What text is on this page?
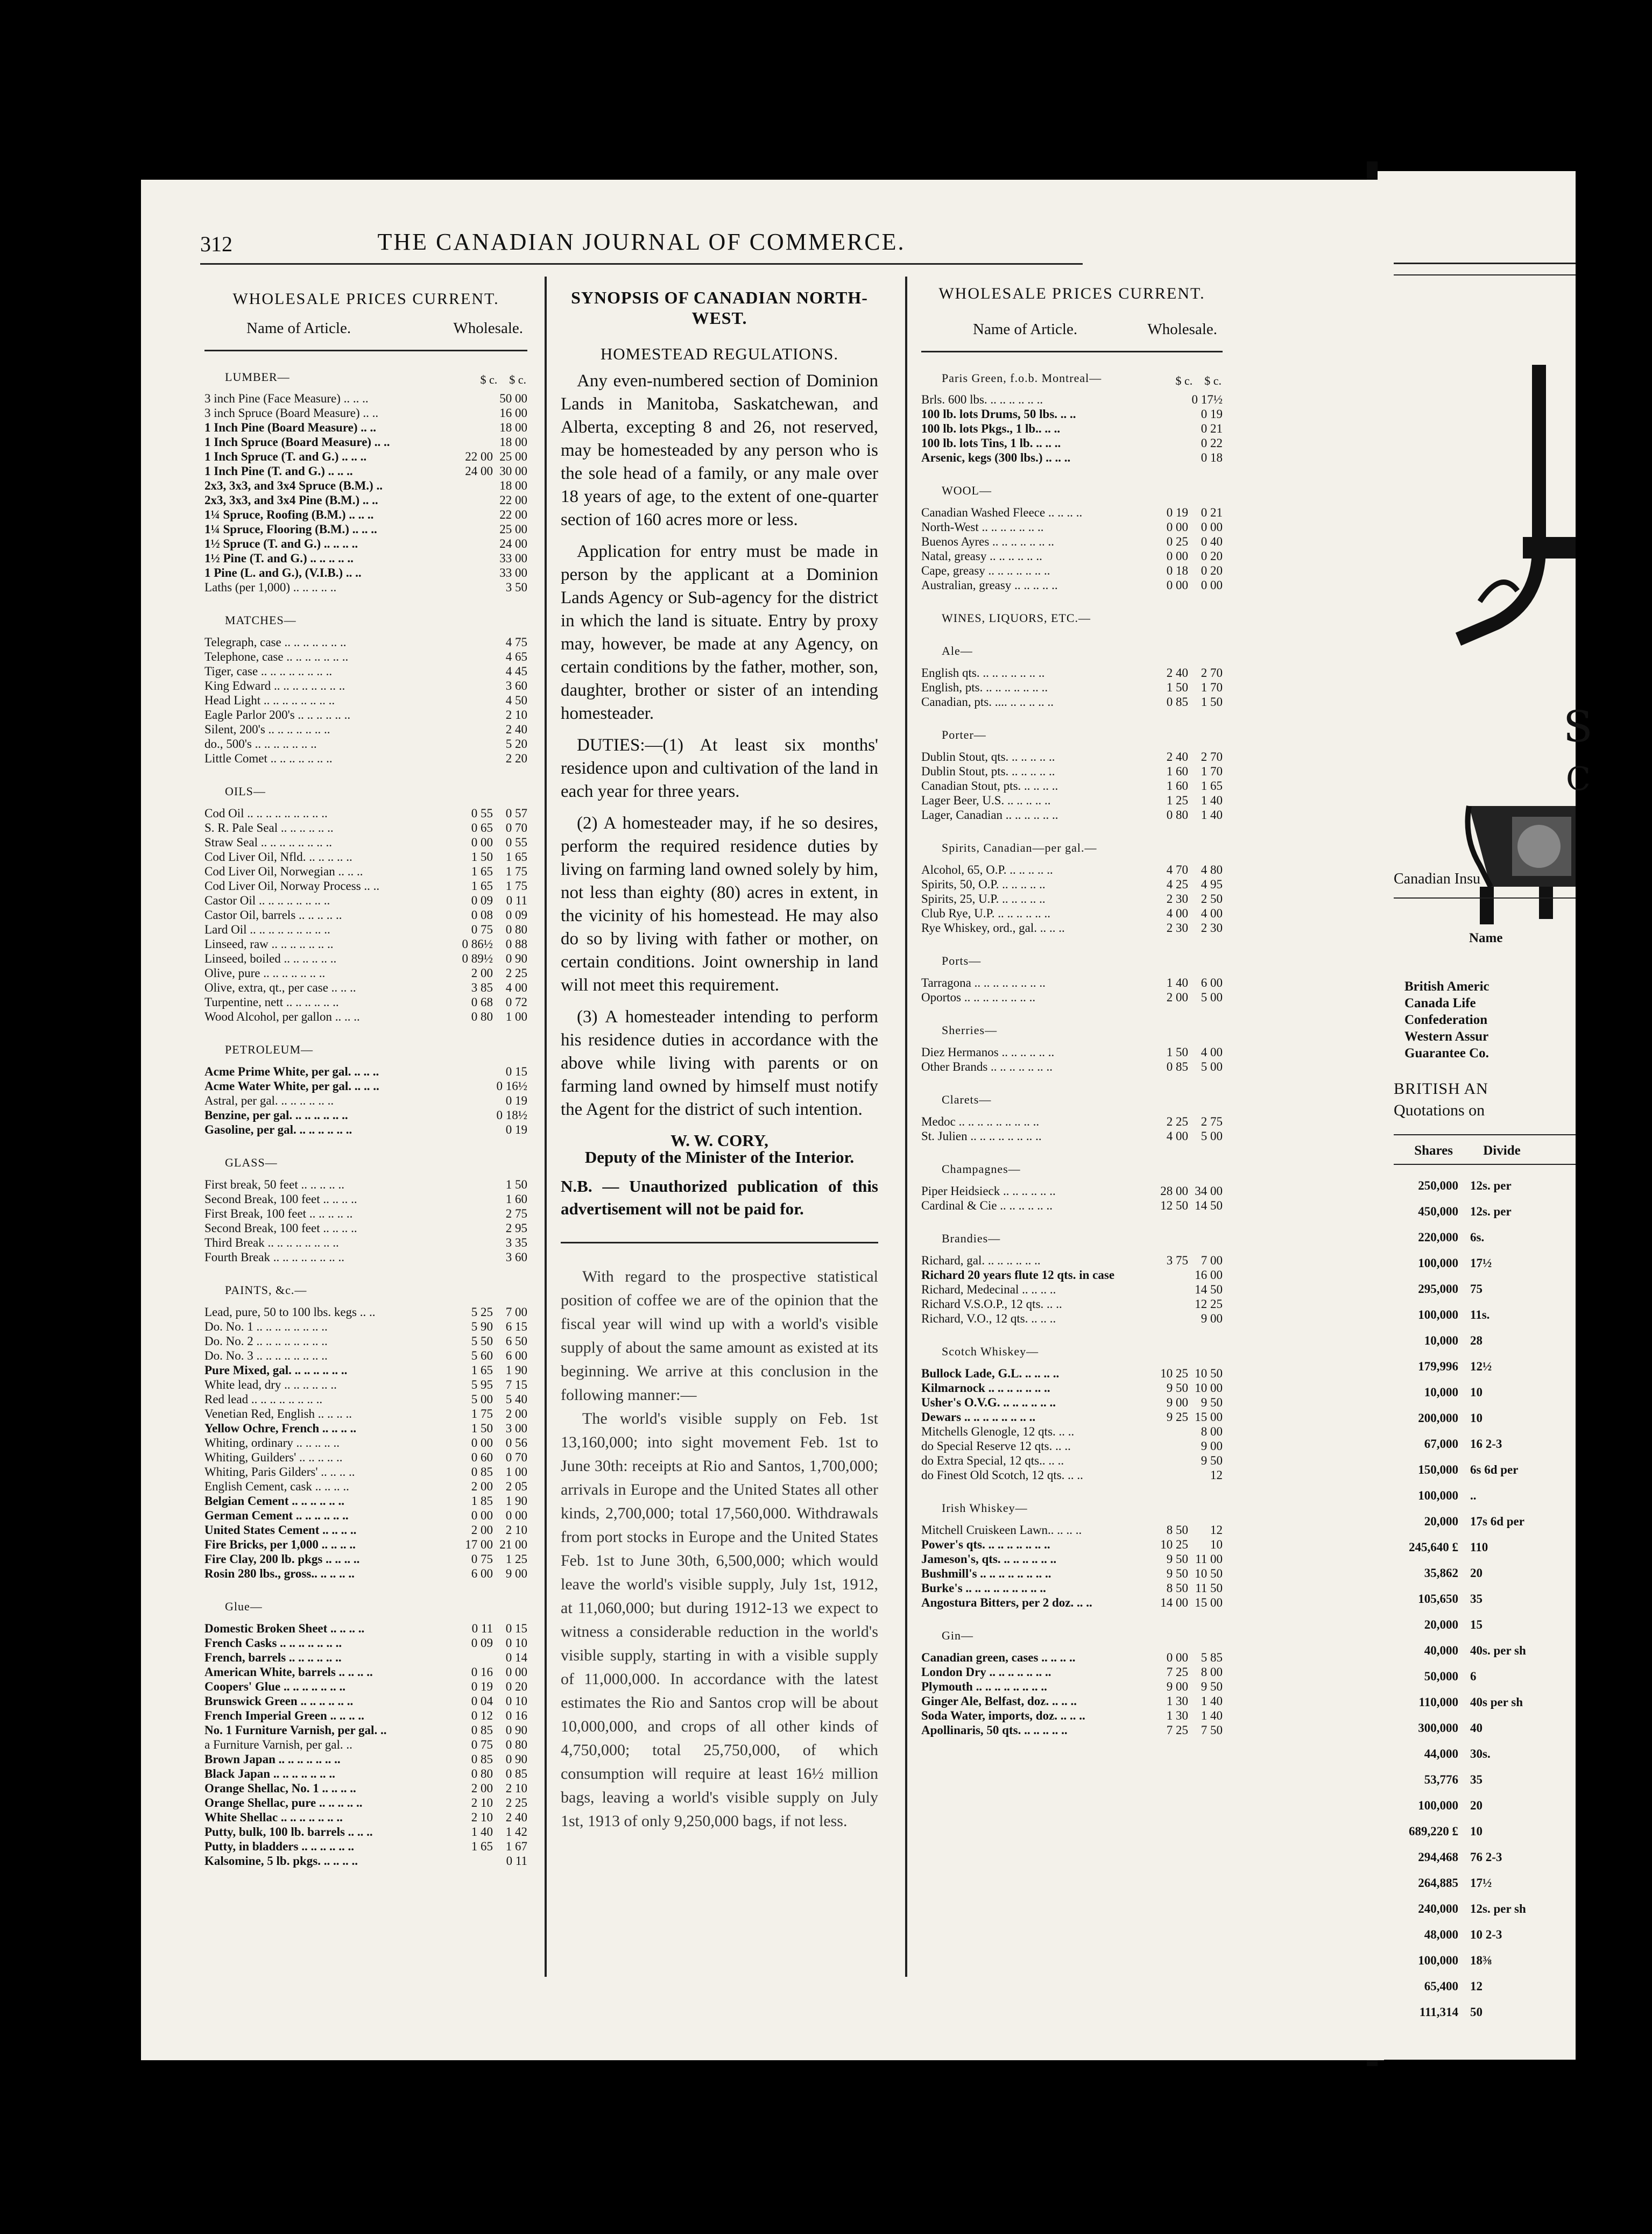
312	THE CANADIAN JOURNAL OF COMMERCE.
WHOLESALE PRICES CURRENT.
Name of Article.	Wholesale.
LUMBER—	$ c. $ c.
3 inch Pine (Face Measure) .. .. ..	50 00
3 inch Spruce (Board Measure) .. ..	16 00
1 Inch Pine (Board Measure) .. ..	18 00
1 Inch Spruce (Board Measure) .. ..	18 00
1 Inch Spruce (T. and G.) .. .. ..	22 00 25 00
1 Inch Pine (T. and G.) .. .. ..	24 00 30 00
2x3, 3x3, and 3x4 Spruce (B.M.) ..	18 00
2x3, 3x3, and 3x4 Pine (B.M.) .. ..	22 00
1¼ Spruce, Roofing (B.M.) .. .. ..	22 00
1¼ Spruce, Flooring (B.M.) .. .. ..	25 00
1½ Spruce (T. and G.) .. .. .. ..	24 00
1½ Pine (T. and G.) .. .. .. .. ..	33 00
1 Pine (L. and G.), (V.I.B.) .. ..	33 00
Laths (per 1,000) .. .. .. .. ..	3 50
MATCHES—
Telegraph, case .. .. .. .. .. .. ..	4 75
Telephone, case .. .. .. .. .. .. ..	4 65
Tiger, case .. .. .. .. .. .. .. ..	4 45
King Edward .. .. .. .. .. .. .. ..	3 60
Head Light .. .. .. .. .. .. .. ..	4 50
Eagle Parlor 200's .. .. .. .. .. ..	2 10
Silent, 200's .. .. .. .. .. .. ..	2 40
do., 500's .. .. .. .. .. .. ..	5 20
Little Comet .. .. .. .. .. .. ..	2 20
OILS—
Cod Oil .. .. .. .. .. .. .. .. ..	0 55	0 57
S. R. Pale Seal .. .. .. .. .. ..	0 65	0 70
Straw Seal .. .. .. .. .. .. .. ..	0 00	0 55
Cod Liver Oil, Nfld. .. .. .. .. ..	1 50	1 65
Cod Liver Oil, Norwegian .. .. ..	1 65	1 75
Cod Liver Oil, Norway Process .. ..	1 65	1 75
Castor Oil .. .. .. .. .. .. .. ..	0 09	0 11
Castor Oil, barrels .. .. .. .. ..	0 08	0 09
Lard Oil .. .. .. .. .. .. .. .. ..	0 75	0 80
Linseed, raw .. .. .. .. .. .. ..	0 86½	0 88
Linseed, boiled .. .. .. .. .. ..	0 89½	0 90
Olive, pure .. .. .. .. .. .. ..	2 00	2 25
Olive, extra, qt., per case .. .. ..	3 85	4 00
Turpentine, nett .. .. .. .. .. ..	0 68	0 72
Wood Alcohol, per gallon .. .. ..	0 80	1 00
PETROLEUM—
Acme Prime White, per gal. .. .. ..	0 15
Acme Water White, per gal. .. .. ..	0 16½
Astral, per gal. .. .. .. .. .. ..	0 19
Benzine, per gal. .. .. .. .. .. ..	0 18½
Gasoline, per gal. .. .. .. .. .. ..	0 19
GLASS—
First break, 50 feet .. .. .. .. ..	1 50
Second Break, 100 feet .. .. .. ..	1 60
First Break, 100 feet .. .. .. .. ..	2 75
Second Break, 100 feet .. .. .. ..	2 95
Third Break .. .. .. .. .. .. .. ..	3 35
Fourth Break .. .. .. .. .. .. .. ..	3 60
PAINTS, &c.—
Lead, pure, 50 to 100 lbs. kegs .. ..	5 25	7 00
Do. No. 1 .. .. .. .. .. .. .. ..	5 90	6 15
Do. No. 2 .. .. .. .. .. .. .. ..	5 50	6 50
Do. No. 3 .. .. .. .. .. .. .. ..	5 60	6 00
Pure Mixed, gal. .. .. .. .. .. ..	1 65	1 90
White lead, dry .. .. .. .. .. ..	5 95	7 15
Red lead .. .. .. .. .. .. .. ..	5 00	5 40
Venetian Red, English .. .. .. ..	1 75	2 00
Yellow Ochre, French .. .. .. ..	1 50	3 00
Whiting, ordinary .. .. .. .. ..	0 00	0 56
Whiting, Guilders' .. .. .. .. ..	0 60	0 70
Whiting, Paris Gilders' .. .. .. ..	0 85	1 00
English Cement, cask .. .. .. ..	2 00	2 05
Belgian Cement .. .. .. .. .. ..	1 85	1 90
German Cement .. .. .. .. .. ..	0 00	0 00
United States Cement .. .. .. ..	2 00	2 10
Fire Bricks, per 1,000 .. .. .. ..	17 00 21 00
Fire Clay, 200 lb. pkgs .. .. .. ..	0 75	1 25
Rosin 280 lbs., gross.. .. .. .. ..	6 00	9 00
Glue—
Domestic Broken Sheet .. .. .. ..	0 11	0 15
French Casks .. .. .. .. .. .. ..	0 09	0 10
French, barrels .. .. .. .. .. ..	0 14
American White, barrels .. .. .. ..	0 16	0 00
Coopers' Glue .. .. .. .. .. .. ..	0 19	0 20
Brunswick Green .. .. .. .. .. ..	0 04	0 10
French Imperial Green .. .. .. ..	0 12	0 16
No. 1 Furniture Varnish, per gal. ..	0 85	0 90
a Furniture Varnish, per gal. ..	0 75	0 80
Brown Japan .. .. .. .. .. .. ..	0 85	0 90
Black Japan .. .. .. .. .. .. ..	0 80	0 85
Orange Shellac, No. 1 .. .. .. ..	2 00	2 10
Orange Shellac, pure .. .. .. .. ..	2 10	2 25
White Shellac .. .. .. .. .. .. ..	2 10	2 40
Putty, bulk, 100 lb. barrels .. .. ..	1 40	1 42
Putty, in bladders .. .. .. .. .. ..	1 65	1 67
Kalsomine, 5 lb. pkgs. .. .. .. ..	0 11
SYNOPSIS OF CANADIAN NORTH-WEST.
HOMESTEAD REGULATIONS.

Any even-numbered section of Dominion Lands in Manitoba, Saskatchewan, and Alberta, excepting 8 and 26, not reserved, may be homesteaded by any person who is the sole head of a family, or any male over 18 years of age, to the extent of one-quarter section of 160 acres more or less.

Application for entry must be made in person by the applicant at a Dominion Lands Agency or Sub-agency for the district in which the land is situate. Entry by proxy may, however, be made at any Agency, on certain conditions by the father, mother, son, daughter, brother or sister of an intending homesteader.

DUTIES:—(1) At least six months' residence upon and cultivation of the land in each year for three years.

(2) A homesteader may, if he so desires, perform the required residence duties by living on farming land owned solely by him, not less than eighty (80) acres in extent, in the vicinity of his homestead. He may also do so by living with father or mother, on certain conditions. Joint ownership in land will not meet this requirement.

(3) A homesteader intending to perform his residence duties in accordance with the above while living with parents or on farming land owned by himself must notify the Agent for the district of such intention.

W. W. CORY,
Deputy of the Minister of the Interior.
N.B. — Unauthorized publication of this advertisement will not be paid for.

With regard to the prospective statistical position of coffee we are of the opinion that the fiscal year will wind up with a world's visible supply of about the same amount as existed at its beginning. We arrive at this conclusion in the following manner:—

The world's visible supply on Feb. 1st 13,160,000; into sight movement Feb. 1st to June 30th: receipts at Rio and Santos, 1,700,000; arrivals in Europe and the United States all other kinds, 2,700,000; total 17,560,000. Withdrawals from port stocks in Europe and the United States Feb. 1st to June 30th, 6,500,000; which would leave the world's visible supply, July 1st, 1912, at 11,060,000; but during 1912-13 we expect to witness a considerable reduction in the world's visible supply, starting in with a visible supply of 11,000,000. In accordance with the latest estimates the Rio and Santos crop will be about 10,000,000, and crops of all other kinds of 4,750,000; total 25,750,000, of which consumption will require at least 16½ million bags, leaving a world's visible supply on July 1st, 1913 of only 9,250,000 bags, if not less.

WHOLESALE PRICES CURRENT.
Name of Article.	Wholesale.
Paris Green, f.o.b. Montreal—	$ c. $ c.
Brls. 600 lbs. .. .. .. .. .. ..	0 17½
100 lb. lots Drums, 50 lbs. .. ..	0 19
100 lb. lots Pkgs., 1 lb.. .. ..	0 21
100 lb. lots Tins, 1 lb. .. .. ..	0 22
Arsenic, kegs (300 lbs.) .. .. ..	0 18
WOOL—
Canadian Washed Fleece .. .. .. ..	0 19	0 21
North-West .. .. .. .. .. .. ..	0 00	0 00
Buenos Ayres .. .. .. .. .. .. ..	0 25	0 40
Natal, greasy .. .. .. .. .. ..	0 00	0 20
Cape, greasy .. .. .. .. .. .. ..	0 18	0 20
Australian, greasy .. .. .. .. ..	0 00	0 00
WINES, LIQUORS, ETC.—
Ale—
English qts. .. .. .. .. .. .. ..	2 40	2 70
English, pts. .. .. .. .. .. .. ..	1 50	1 70
Canadian, pts. .... .. .. .. .. ..	0 85	1 50
Porter—
Dublin Stout, qts. .. .. .. .. ..	2 40	2 70
Dublin Stout, pts. .. .. .. .. ..	1 60	1 70
Canadian Stout, pts. .. .. .. ..	1 60	1 65
Lager Beer, U.S. .. .. .. .. ..	1 25	1 40
Lager, Canadian .. .. .. .. .. ..	0 80	1 40
Spirits, Canadian—per gal.—
Alcohol, 65, O.P. .. .. .. .. ..	4 70	4 80
Spirits, 50, O.P. .. .. .. .. ..	4 25	4 95
Spirits, 25, U.P. .. .. .. .. ..	2 30	2 50
Club Rye, U.P. .. .. .. .. .. ..	4 00	4 00
Rye Whiskey, ord., gal. .. .. ..	2 30	2 30
Ports—
Tarragona .. .. .. .. .. .. .. ..	1 40	6 00
Oportos .. .. .. .. .. .. .. ..	2 00	5 00
Sherries—
Diez Hermanos .. .. .. .. .. ..	1 50	4 00
Other Brands .. .. .. .. .. .. ..	0 85	5 00
Clarets—
Medoc .. .. .. .. .. .. .. .. ..	2 25	2 75
St. Julien .. .. .. .. .. .. .. ..	4 00	5 00
Champagnes—
Piper Heidsieck .. .. .. .. .. ..	28 00 34 00
Cardinal & Cie .. .. .. .. .. ..	12 50 14 50
Brandies—
Richard, gal. .. .. .. .. .. ..	3 75	7 00
Richard 20 years flute 12 qts. in case	16 00
Richard, Medecinal .. .. .. ..	14 50
Richard V.S.O.P., 12 qts. .. ..	12 25
Richard, V.O., 12 qts. .. .. ..	9 00
Scotch Whiskey—
Bullock Lade, G.L. .. .. .. ..	10 25 10 50
Kilmarnock .. .. .. .. .. .. ..	9 50 10 00
Usher's O.V.G. .. .. .. .. .. ..	9 00	9 50
Dewars .. .. .. .. .. .. .. ..	9 25 15 00
Mitchells Glenogle, 12 qts. .. ..	8 00
do Special Reserve 12 qts. .. ..	9 00
do Extra Special, 12 qts.. .. ..	9 50
do Finest Old Scotch, 12 qts. .. ..	12
Irish Whiskey—
Mitchell Cruiskeen Lawn.. .. .. ..	8 50	12
Power's qts. .. .. .. .. .. .. ..	10 25	10
Jameson's, qts. .. .. .. .. .. ..	9 50 11 00
Bushmill's .. .. .. .. .. .. .. ..	9 50 10 50
Burke's .. .. .. .. .. .. .. .. ..	8 50 11 50
Angostura Bitters, per 2 doz. .. ..	14 00 15 00
Gin—
Canadian green, cases .. .. .. ..	0 00	5 85
London Dry .. .. .. .. .. .. ..	7 25	8 00
Plymouth .. .. .. .. .. .. .. ..	9 00	9 50
Ginger Ale, Belfast, doz. .. .. ..	1 30	1 40
Soda Water, imports, doz. .. .. ..	1 30	1 40
Apollinaris, 50 qts. .. .. .. .. ..	7 25	7 50
S
C
Canadian Insu
Name
British Americ
Canada Life
Confederation
Western Assur
Guarantee Co.
BRITISH AN
Quotations on
Shares Divide
250,000 12s. per
450,000 12s. per
220,000 6s.
100,000 17½
295,000 75
100,000 11s.
10,000 28
179,996 12½
10,000 10
200,000 10
67,000 16 2-3
150,000 6s 6d per
100,000 ..
20,000 17s 6d per
245,640 £ 110
35,862 20
105,650 35
20,000 15
40,000 40s. per sh
50,000 6
110,000 40s per sh
300,000 40
44,000 30s.
53,776 35
100,000 20
689,220 £ 10
294,468 76 2-3
264,885 17½
240,000 12s. per sh
48,000 10 2-3
100,000 18⅜
65,400 12
111,314 50
